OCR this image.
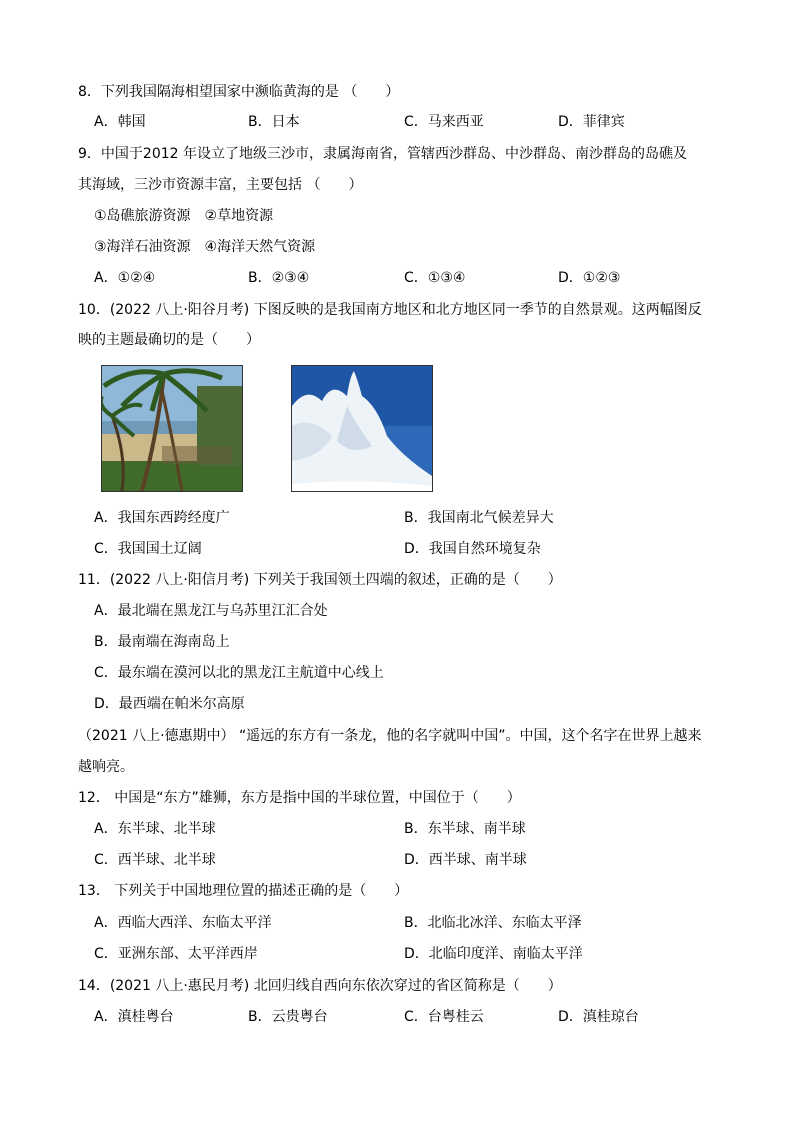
8．下列我国隔海相望国家中濒临黄海的是 （　　）
A．韩国	B．日本	C．马来西亚	D．菲律宾
9．中国于2012 年设立了地级三沙市，隶属海南省，管辖西沙群岛、中沙群岛、南沙群岛的岛礁及
其海域，三沙市资源丰富，主要包括 （　　）
①岛礁旅游资源　②草地资源
③海洋石油资源　④海洋天然气资源
A．①②④	B．②③④	C．①③④	D．①②③
10．(2022 八上·阳谷月考) 下图反映的是我国南方地区和北方地区同一季节的自然景观。这两幅图反
映的主题最确切的是（　　）
A．我国东西跨经度广	B．我国南北气候差异大
C．我国国土辽阔	D．我国自然环境复杂
11．(2022 八上·阳信月考) 下列关于我国领土四端的叙述，正确的是（　　）
A．最北端在黑龙江与乌苏里江汇合处
B．最南端在海南岛上
C．最东端在漠河以北的黑龙江主航道中心线上
D．最西端在帕米尔高原
（2021 八上·德惠期中） “遥远的东方有一条龙，他的名字就叫中国”。中国，这个名字在世界上越来
越响亮。
12． 中国是“东方”雄狮，东方是指中国的半球位置，中国位于（　　）
A．东半球、北半球	B．东半球、南半球
C．西半球、北半球	D．西半球、南半球
13． 下列关于中国地理位置的描述正确的是（　　）
A．西临大西洋、东临太平洋	B．北临北冰洋、东临太平泽
C．亚洲东部、太平洋西岸	D．北临印度洋、南临太平洋
14．(2021 八上·惠民月考) 北回归线自西向东依次穿过的省区简称是（　　）
A．滇桂粤台	B．云贵粤台	C．台粤桂云	D．滇桂琼台
